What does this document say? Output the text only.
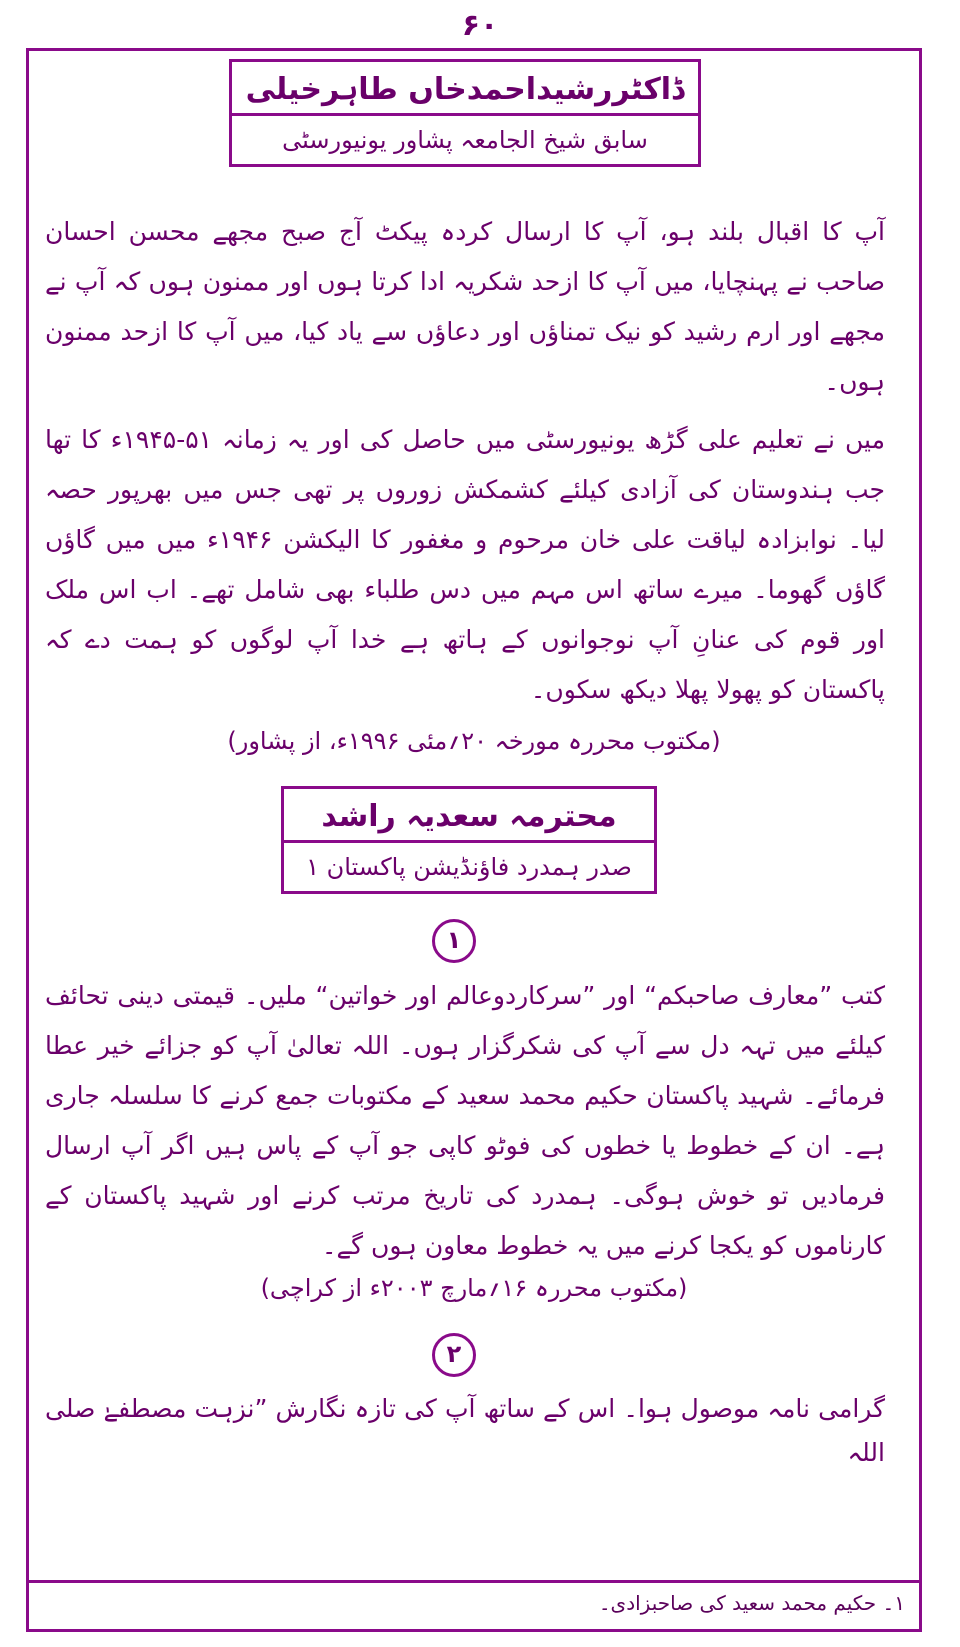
۶۰
ڈاکٹررشیداحمدخاں طاہرخیلی
سابق شیخ الجامعہ پشاور یونیورسٹی
آپ کا اقبال بلند ہو، آپ کا ارسال کردہ پیکٹ آج صبح مجھے محسن احسان صاحب نے پہنچایا، میں آپ کا ازحد شکریہ ادا کرتا ہوں اور ممنون ہوں کہ آپ نے مجھے اور ارم رشید کو نیک تمناؤں اور دعاؤں سے یاد کیا، میں آپ کا ازحد ممنون ہوں۔
میں نے تعلیم علی گڑھ یونیورسٹی میں حاصل کی اور یہ زمانہ ۵۱-۱۹۴۵ء کا تھا جب ہندوستان کی آزادی کیلئے کشمکش زوروں پر تھی جس میں بھرپور حصہ لیا۔ نوابزادہ لیاقت علی خان مرحوم و مغفور کا الیکشن ۱۹۴۶ء میں میں گاؤں گاؤں گھوما۔ میرے ساتھ اس مہم میں دس طلباء بھی شامل تھے۔ اب اس ملک اور قوم کی عنانِ آپ نوجوانوں کے ہاتھ ہے خدا آپ لوگوں کو ہمت دے کہ پاکستان کو پھولا پھلا دیکھ سکوں۔
(مکتوب محررہ مورخہ ۲۰؍مئی ۱۹۹۶ء، از پشاور)
محترمہ سعدیہ راشد
صدر ہمدرد فاؤنڈیشن پاکستان ۱
۱
کتب ”معارف صاحبکم“ اور ”سرکاردوعالم اور خواتین“ ملیں۔ قیمتی دینی تحائف کیلئے میں تہہ دل سے آپ کی شکرگزار ہوں۔ اللہ تعالیٰ آپ کو جزائے خیر عطا فرمائے۔ شہید پاکستان حکیم محمد سعید کے مکتوبات جمع کرنے کا سلسلہ جاری ہے۔ ان کے خطوط یا خطوں کی فوٹو کاپی جو آپ کے پاس ہیں اگر آپ ارسال فرمادیں تو خوش ہوگی۔ ہمدرد کی تاریخ مرتب کرنے اور شہید پاکستان کے کارناموں کو یکجا کرنے میں یہ خطوط معاون ہوں گے۔
(مکتوب محررہ ۱۶؍مارچ ۲۰۰۳ء از کراچی)
۲
گرامی نامہ موصول ہوا۔ اس کے ساتھ آپ کی تازہ نگارش ”نزہت مصطفےٰ صلی اللہ
۱۔ حکیم محمد سعید کی صاحبزادی۔
